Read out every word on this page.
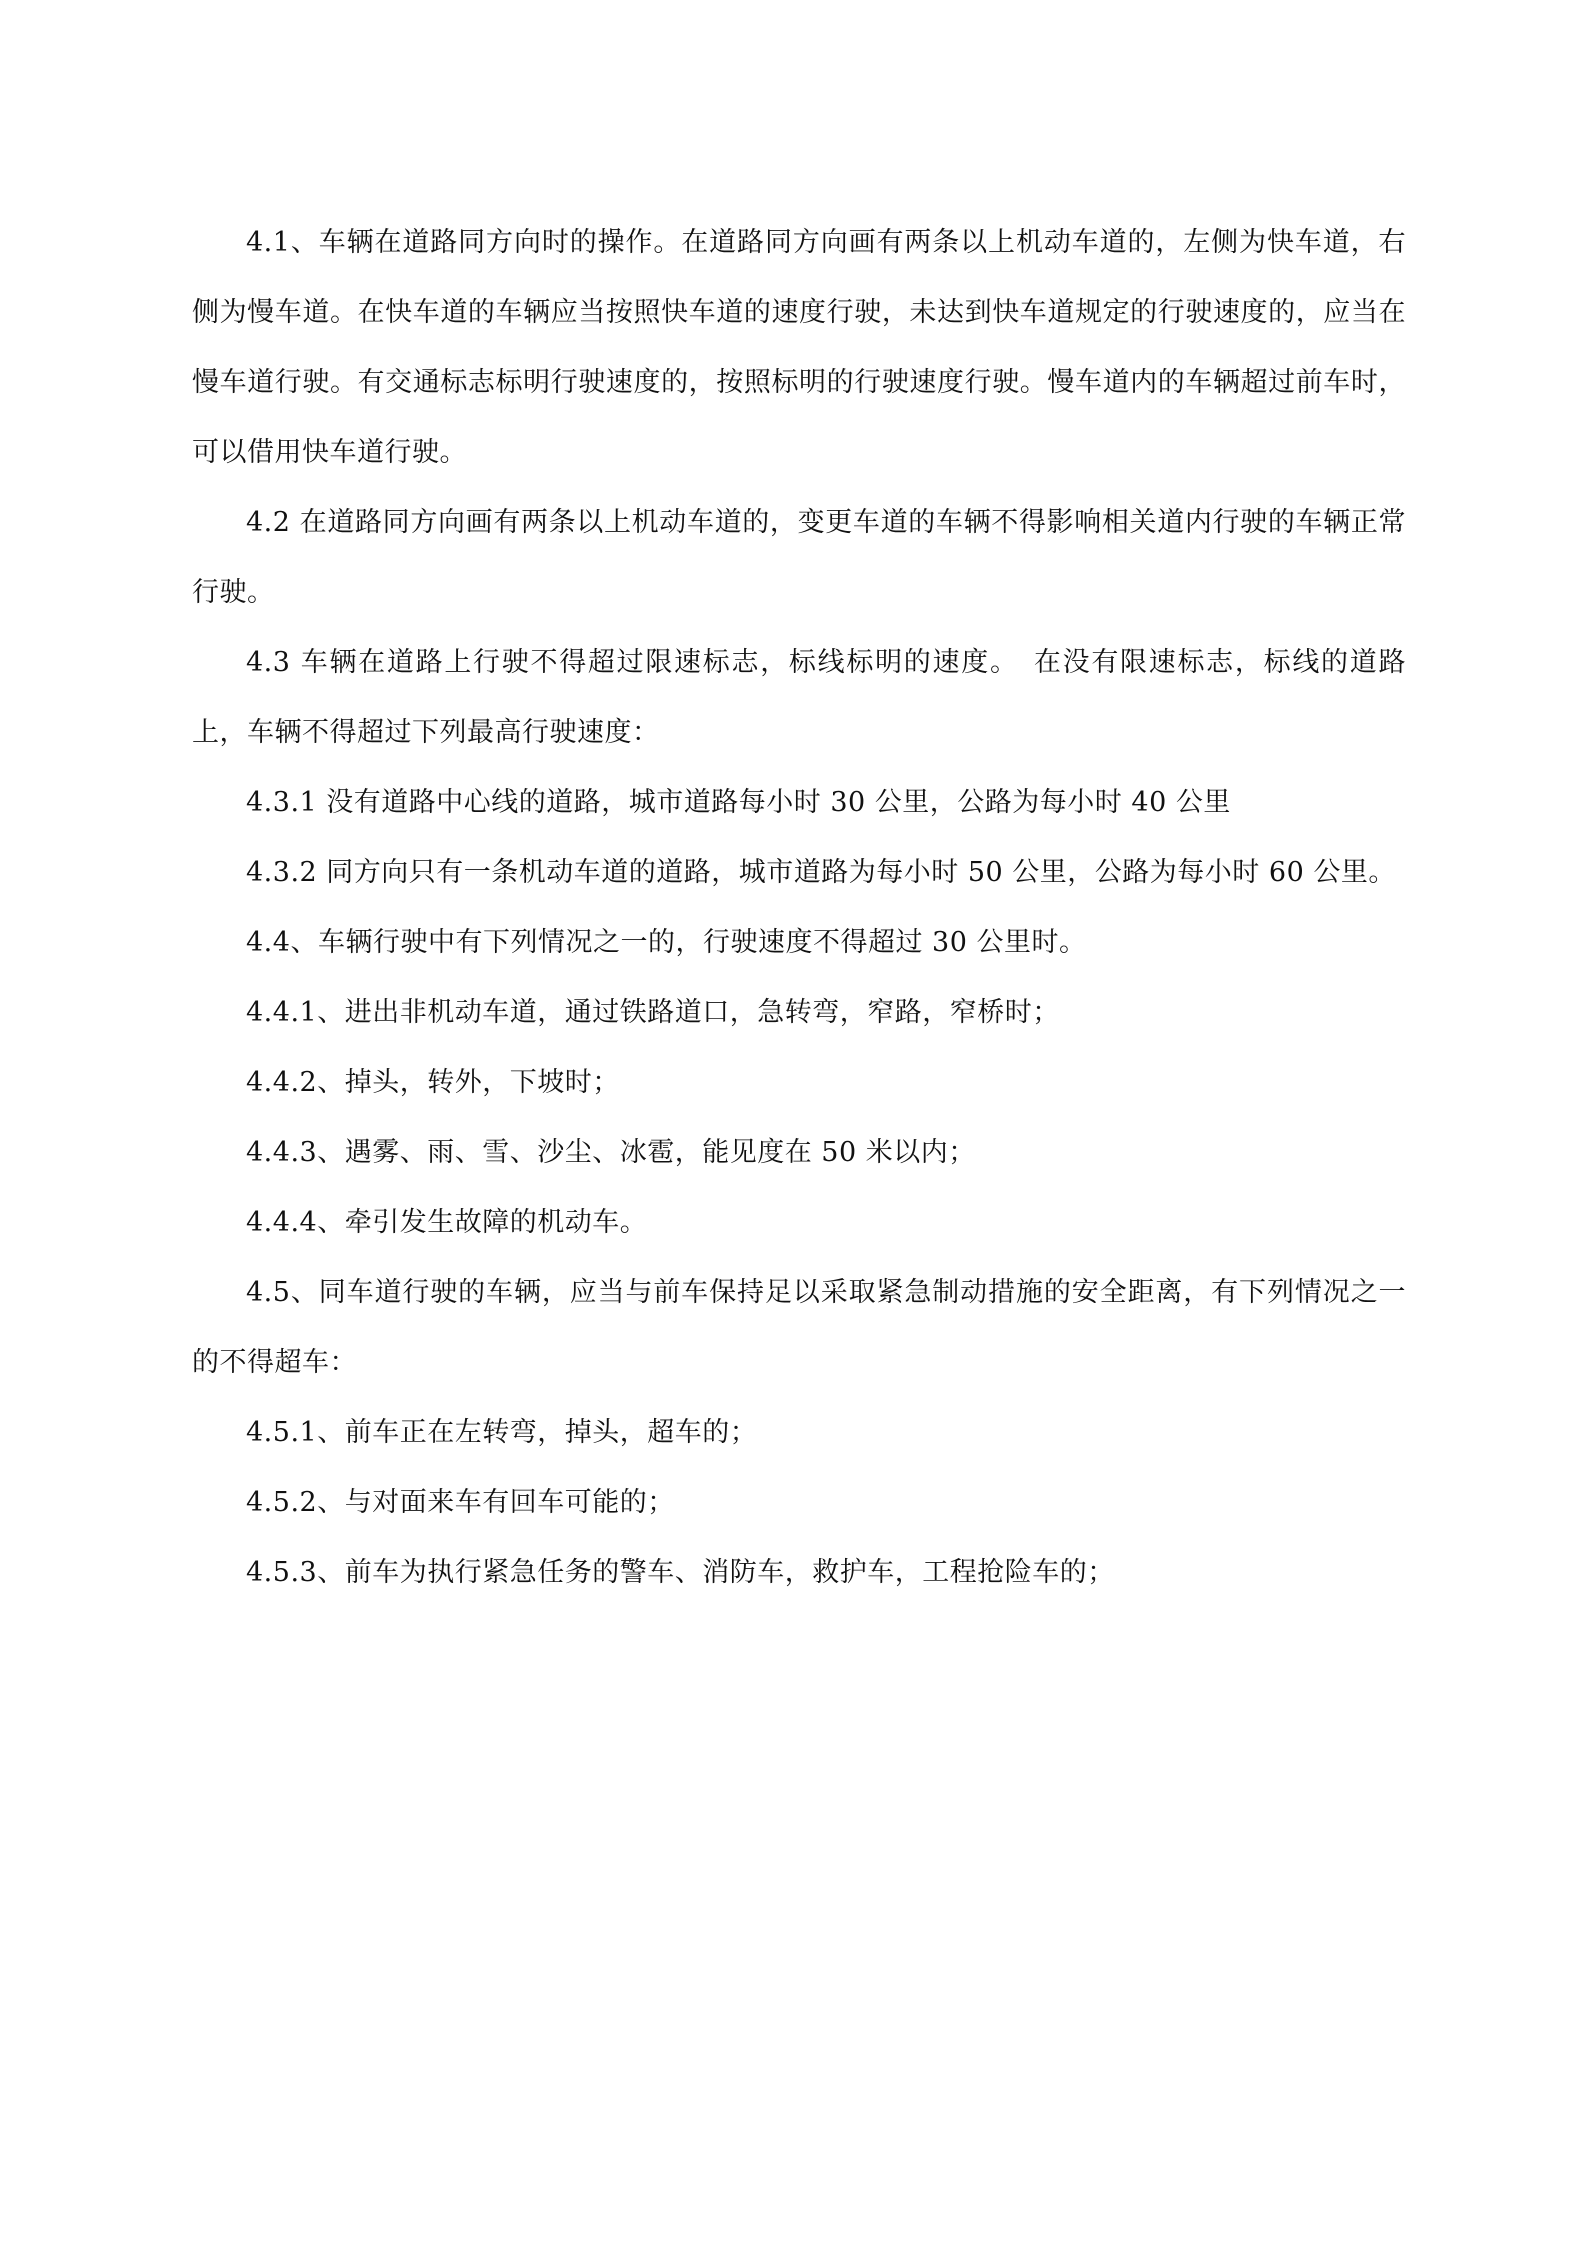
4.1、车辆在道路同方向时的操作。在道路同方向画有两条以上机动车道的，左侧为快车道，右侧为慢车道。在快车道的车辆应当按照快车道的速度行驶，未达到快车道规定的行驶速度的，应当在慢车道行驶。有交通标志标明行驶速度的，按照标明的行驶速度行驶。慢车道内的车辆超过前车时，可以借用快车道行驶。

4.2 在道路同方向画有两条以上机动车道的，变更车道的车辆不得影响相关道内行驶的车辆正常行驶。

4.3 车辆在道路上行驶不得超过限速标志，标线标明的速度。　在没有限速标志，标线的道路上，车辆不得超过下列最高行驶速度：

4.3.1 没有道路中心线的道路，城市道路每小时 30 公里，公路为每小时 40 公里

4.3.2 同方向只有一条机动车道的道路，城市道路为每小时 50 公里，公路为每小时 60 公里。

4.4、车辆行驶中有下列情况之一的，行驶速度不得超过 30 公里时。

4.4.1、进出非机动车道，通过铁路道口，急转弯，窄路，窄桥时；

4.4.2、掉头，转外，下坡时；

4.4.3、遇雾、雨、雪、沙尘、冰雹，能见度在 50 米以内；

4.4.4、牵引发生故障的机动车。

4.5、同车道行驶的车辆，应当与前车保持足以采取紧急制动措施的安全距离，有下列情况之一的不得超车：

4.5.1、前车正在左转弯，掉头，超车的；

4.5.2、与对面来车有回车可能的；

4.5.3、前车为执行紧急任务的警车、消防车，救护车，工程抢险车的；
